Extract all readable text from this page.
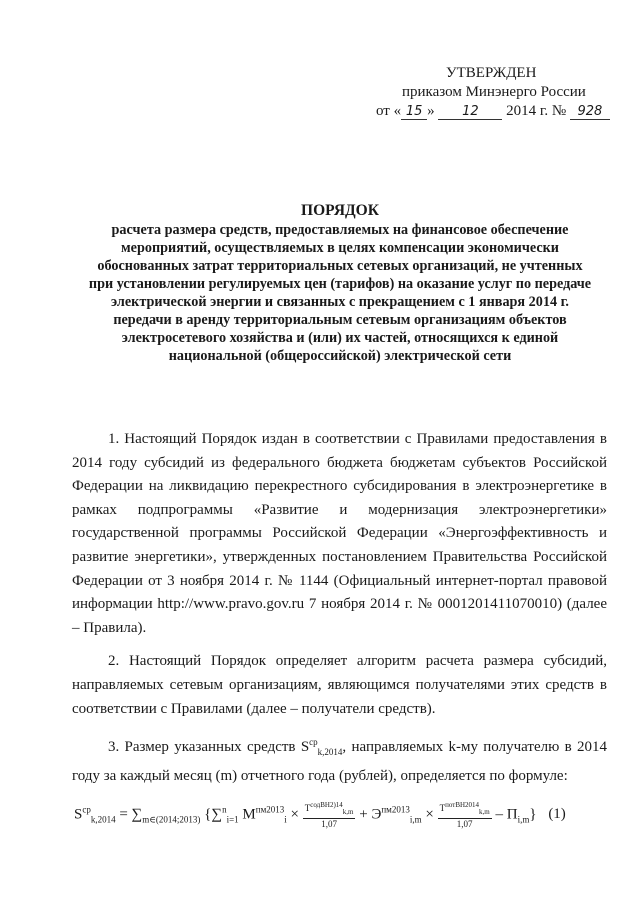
УТВЕРЖДЕН
приказом Минэнерго России
от « 15 » 12 2014 г. № 928
ПОРЯДОК
расчета размера средств, предоставляемых на финансовое обеспечение
мероприятий, осуществляемых в целях компенсации экономически
обоснованных затрат территориальных сетевых организаций, не учтенных
при установлении регулируемых цен (тарифов) на оказание услуг по передаче
электрической энергии и связанных с прекращением с 1 января 2014 г.
передачи в аренду территориальным сетевым организациям объектов
электросетевого хозяйства и (или) их частей, относящихся к единой
национальной (общероссийской) электрической сети

1. Настоящий Порядок издан в соответствии с Правилами предоставления в 2014 году субсидий из федерального бюджета бюджетам субъектов Российской Федерации на ликвидацию перекрестного субсидирования в электроэнергетике в рамках подпрограммы «Развитие и модернизация электроэнергетики» государственной программы Российской Федерации «Энергоэффективность и развитие энергетики», утвержденных постановлением Правительства Российской Федерации от 3 ноября 2014 г. № 1144 (Официальный интернет-портал правовой информации http://www.pravo.gov.ru 7 ноября 2014 г. № 0001201411070010) (далее – Правила).

2. Настоящий Порядок определяет алгоритм расчета размера субсидий, направляемых сетевым организациям, являющимся получателями этих средств в соответствии с Правилами (далее – получатели средств).

3. Размер указанных средств $S^{ср}_{k,2014}$, направляемых k-му получателю в 2014 году за каждый месяц (m) отчетного года (рублей), определяется по формуле:

$S^{ср}_{k,2014} = \sum_{m\in(2014;2013)}$ {∑$^n_{i=1}$ $M^{пм2013}_i \times \frac{Т^{содВН2)14}_{k,m}}{1,07} + Э^{пм2013}_{i,m} \times \frac{Т^{потВН2014}_{k,m}}{1,07} - П_{i,m}$} (1)
